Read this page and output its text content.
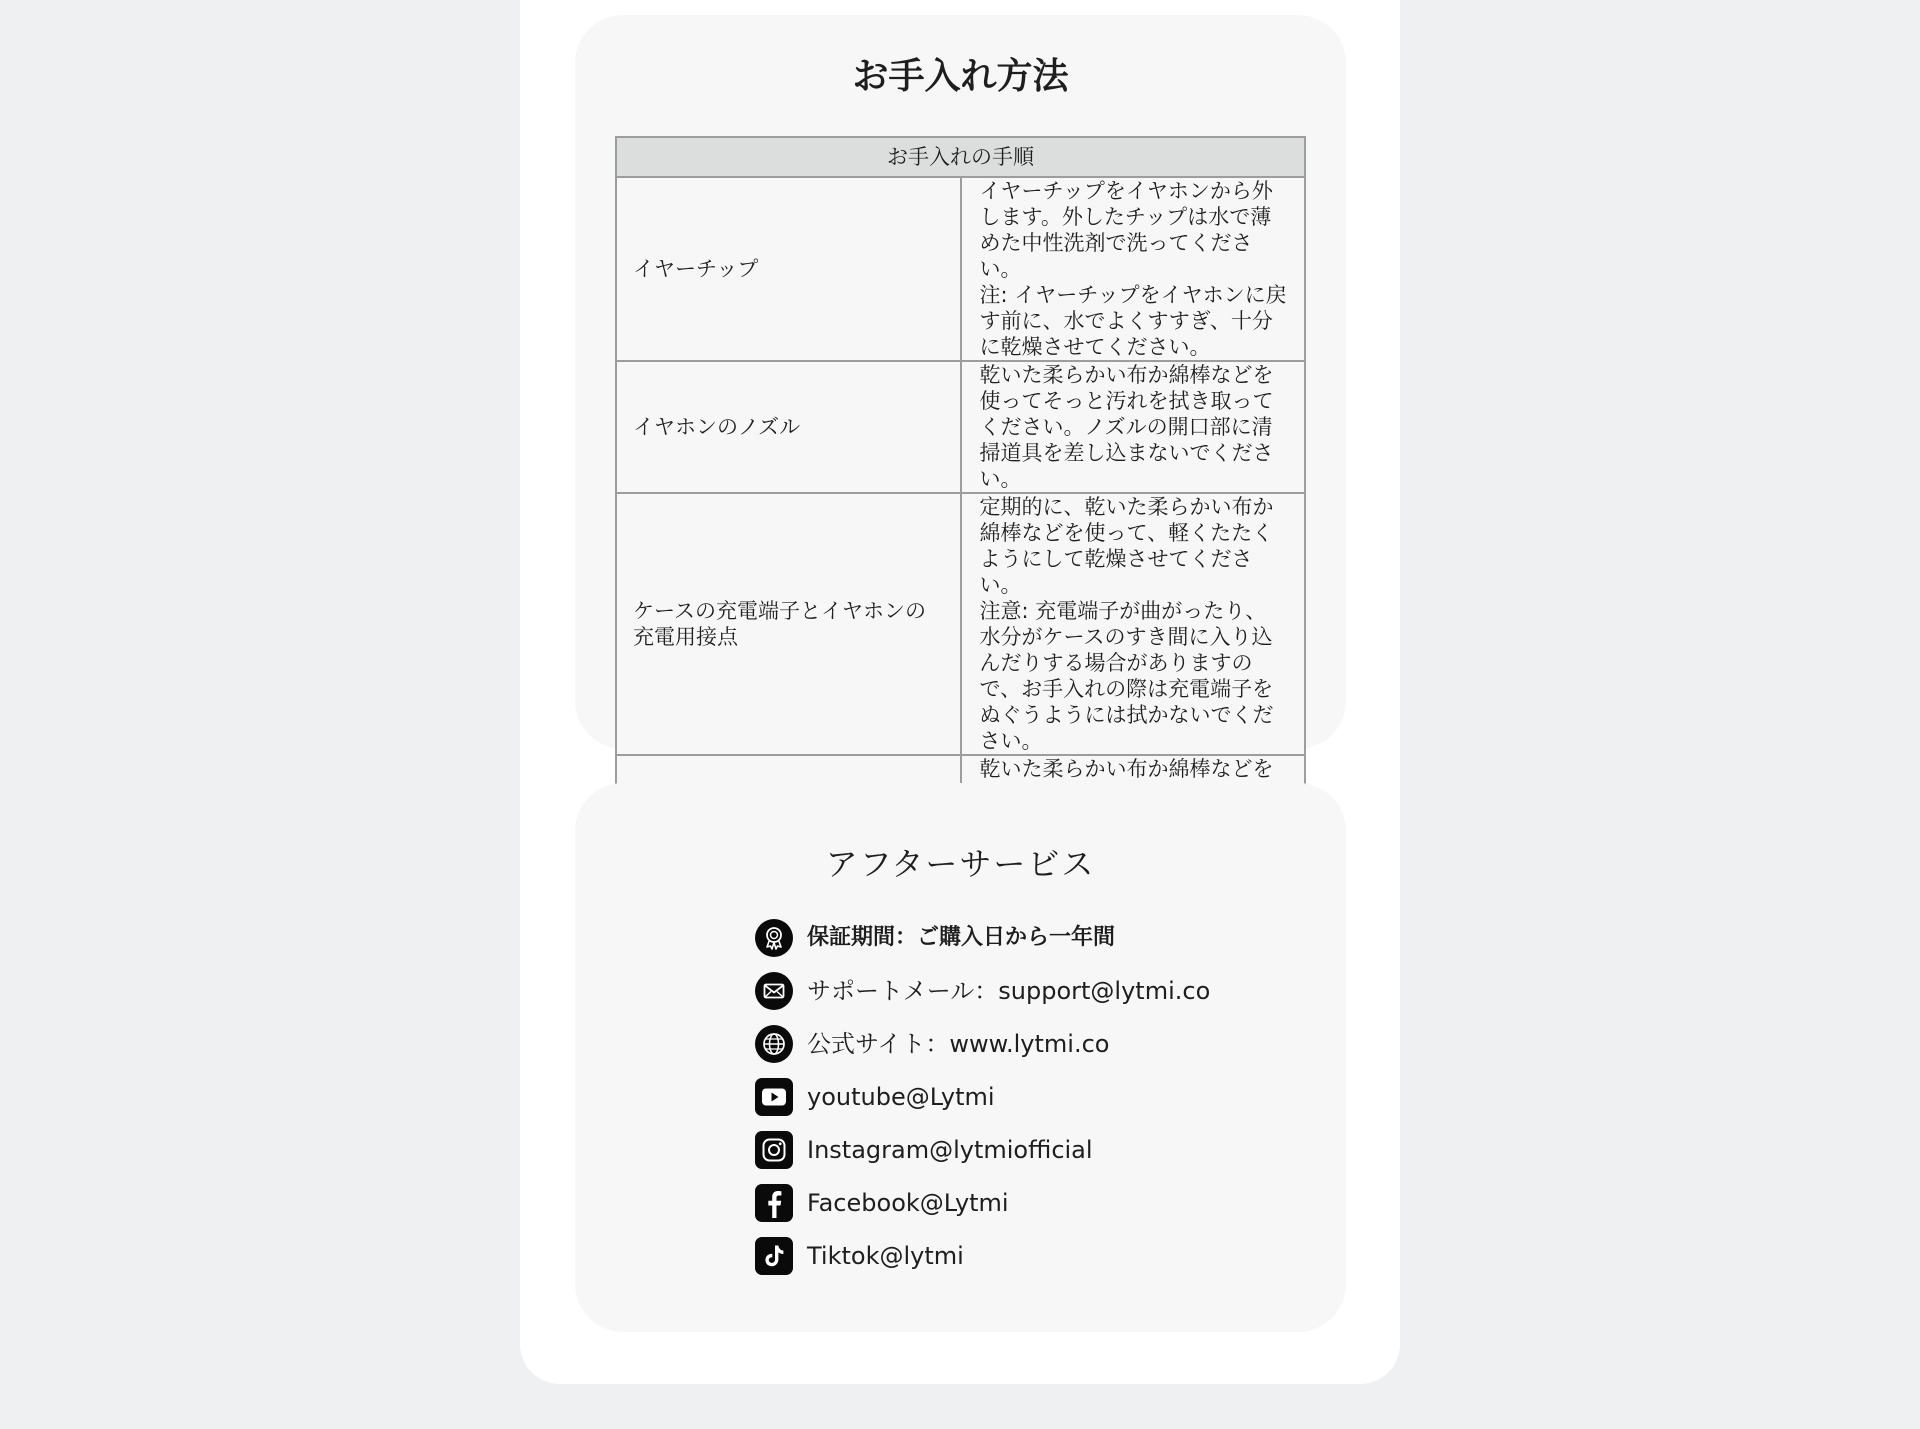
お手入れ方法
お手入れの手順	
イヤーチップ	イヤーチップをイヤホンから外します。外したチップは水で薄めた中性洗剤で洗ってください。
注: イヤーチップをイヤホンに戻す前に、水でよくすすぎ、十分に乾燥させてください。

イヤホンのノズル	乾いた柔らかい布か綿棒などを使ってそっと汚れを拭き取ってください。ノズルの開口部に清掃道具を差し込まないでください。

ケースの充電端子とイヤホンの充電用接点	定期的に、乾いた柔らかい布か綿棒などを使って、軽くたたくようにして乾燥させてください。
注意: 充電端子が曲がったり、水分がケースのすき間に入り込んだりする場合がありますので、お手入れの際は充電端子をぬぐうようには拭かないでください。

乾いた柔らかい布か綿棒などを
アフターサービス
保証期間：ご購入日から一年間
サポートメール：support@lytmi.co
公式サイト：www.lytmi.co
youtube@Lytmi
Instagram@lytmiofficial
Facebook@Lytmi
Tiktok@lytmi
